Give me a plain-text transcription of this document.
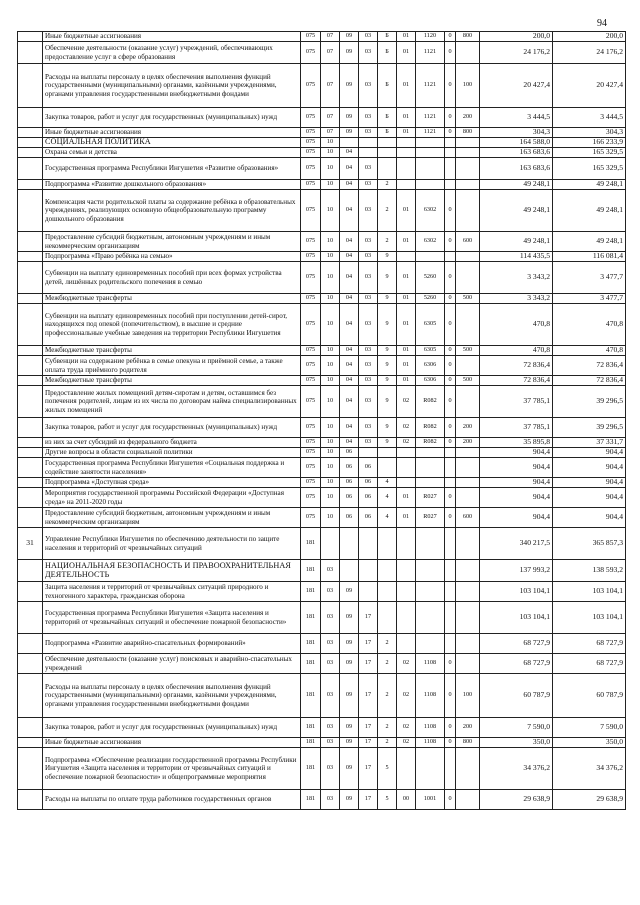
94
	Иные бюджетные ассигнования	075	07	09	03	Б	01	1120	0	800	200,0	200,0
	Обеспечение деятельности (оказание услуг) учреждений, обеспечивающих предоставление услуг в сфере образования	075	07	09	03	Б	01	1121	0		24 176,2	24 176,2
	Расходы на выплаты персоналу в целях обеспечения выполнения функций государственными (муниципальными) органами, казёнными учреждениями, органами управления государственными внебюджетными фондами	075	07	09	03	Б	01	1121	0	100	20 427,4	20 427,4
	Закупка товаров, работ и услуг для государственных (муниципальных) нужд	075	07	09	03	Б	01	1121	0	200	3 444,5	3 444,5
	Иные бюджетные ассигнования	075	07	09	03	Б	01	1121	0	800	304,3	304,3
	СОЦИАЛЬНАЯ ПОЛИТИКА	075	10								164 588,0	166 233,9
	Охрана семьи и детства	075	10	04							163 683,6	165 329,5
	Государственная программа Республики Ингушетия «Развитие образования»	075	10	04	03						163 683,6	165 329,5
	Подпрограмма «Развитие дошкольного образования»	075	10	04	03	2					49 248,1	49 248,1
	Компенсация части родительской платы за содержание ребёнка в образовательных учреждениях, реализующих основную общеобразовательную программу дошкольного образования	075	10	04	03	2	01	6302	0		49 248,1	49 248,1
	Предоставление субсидий бюджетным, автономным учреждениям и иным некоммерческим организациям	075	10	04	03	2	01	6302	0	600	49 248,1	49 248,1
	Подпрограмма «Право ребёнка на семью»	075	10	04	03	9					114 435,5	116 081,4
	Субвенции на выплату единовременных пособий при всех формах устройства детей, лишённых родительского попечения в семью	075	10	04	03	9	01	5260	0		3 343,2	3 477,7
	Межбюджетные трансферты	075	10	04	03	9	01	5260	0	500	3 343,2	3 477,7
	Субвенции на выплату единовременных пособий при поступлении детей-сирот, находящихся под опекой (попечительством), в высшие и средние профессиональные учебные заведения на территории Республики Ингушетия	075	10	04	03	9	01	6305	0		470,8	470,8
	Межбюджетные трансферты	075	10	04	03	9	01	6305	0	500	470,8	470,8
	Субвенции на содержание ребёнка в семье опекуна и приёмной семье, а также оплата труда приёмного родителя	075	10	04	03	9	01	6306	0		72 836,4	72 836,4
	Межбюджетные трансферты	075	10	04	03	9	01	6306	0	500	72 836,4	72 836,4
	Предоставление жилых помещений детям-сиротам и детям, оставшимся без попечения родителей, лицам из их числа по договорам найма специализированных жилых помещений	075	10	04	03	9	02	R082	0		37 785,1	39 296,5
	Закупка товаров, работ и услуг для государственных (муниципальных) нужд	075	10	04	03	9	02	R082	0	200	37 785,1	39 296,5
	из них за счет субсидий из федерального бюджета	075	10	04	03	9	02	R082	0	200	35 895,8	37 331,7
	Другие вопросы в области социальной политики	075	10	06							904,4	904,4
	Государственная программа Республики Ингушетия «Социальная поддержка и содействие занятости населения»	075	10	06	06						904,4	904,4
	Подпрограмма «Доступная среда»	075	10	06	06	4					904,4	904,4
	Мероприятия государственной программы Российской Федерации «Доступная среда» на 2011-2020 годы	075	10	06	06	4	01	R027	0		904,4	904,4
	Предоставление субсидий бюджетным, автономным учреждениям и иным некоммерческим организациям	075	10	06	06	4	01	R027	0	600	904,4	904,4
31	Управление Республики Ингушетия по обеспечению деятельности по защите населения и территорий от чрезвычайных ситуаций	181									340 217,5	365 857,3
	НАЦИОНАЛЬНАЯ БЕЗОПАСНОСТЬ И ПРАВООХРАНИТЕЛЬНАЯ ДЕЯТЕЛЬНОСТЬ	181	03								137 993,2	138 593,2
	Защита населения и территорий от чрезвычайных ситуаций природного и техногенного характера, гражданская оборона	181	03	09							103 104,1	103 104,1
	Государственная программа Республики Ингушетия «Защита населения и территорий от чрезвычайных ситуаций и обеспечение пожарной безопасности»	181	03	09	17						103 104,1	103 104,1
	Подпрограмма «Развитие аварийно-спасательных формирований»	181	03	09	17	2					68 727,9	68 727,9
	Обеспечение деятельности (оказание услуг) поисковых и аварийно-спасательных учреждений	181	03	09	17	2	02	1108	0		68 727,9	68 727,9
	Расходы на выплаты персоналу в целях обеспечения выполнения функций государственными (муниципальными) органами, казёнными учреждениями, органами управления государственными внебюджетными фондами	181	03	09	17	2	02	1108	0	100	60 787,9	60 787,9
	Закупка товаров, работ и услуг для государственных (муниципальных) нужд	181	03	09	17	2	02	1108	0	200	7 590,0	7 590,0
	Иные бюджетные ассигнования	181	03	09	17	2	02	1108	0	800	350,0	350,0
	Подпрограмма «Обеспечение реализации государственной программы Республики Ингушетия «Защита населения и территории от чрезвычайных ситуаций и обеспечение пожарной безопасности» и общепрограммные мероприятия	181	03	09	17	5					34 376,2	34 376,2
	Расходы на выплаты по оплате труда работников государственных органов	181	03	09	17	5	00	1001	0		29 638,9	29 638,9
